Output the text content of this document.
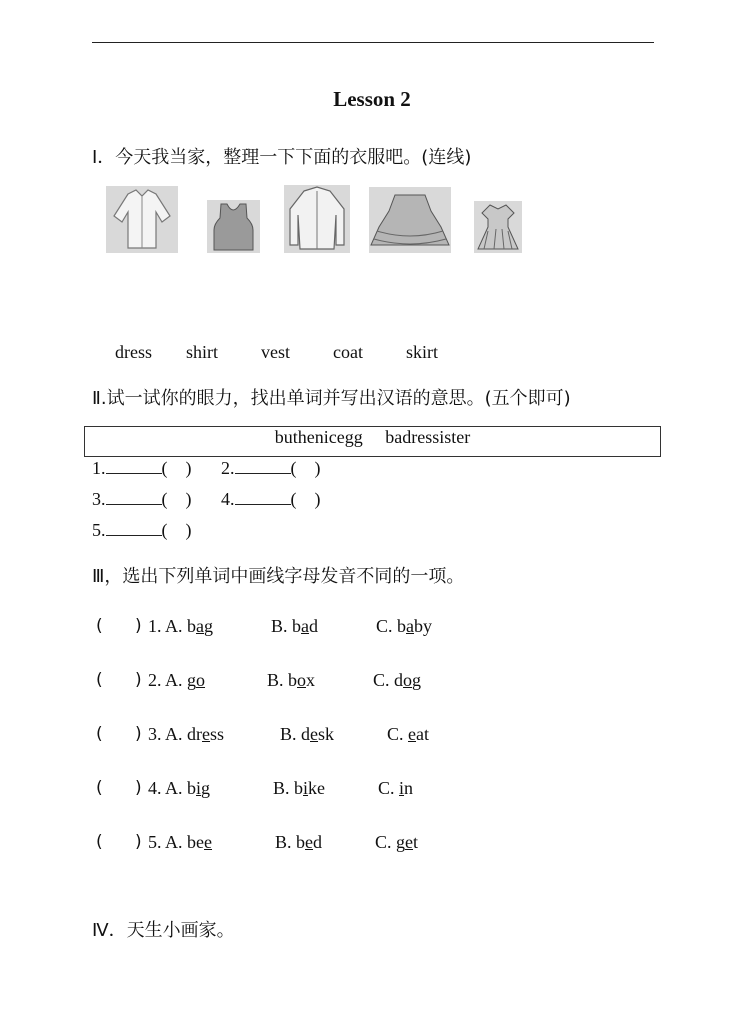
Lesson 2
I．今天我当家，整理一下下面的衣服吧。(连线)
dress shirt vest coat skirt
Ⅱ.试一试你的眼力，找出单词并写出汉语的意思。(五个即可)
buthenicegg     badressister
1.	(    ) 2.	(    )
3.	(    ) 4.	(    )
5.	(    )
Ⅲ，选出下列单词中画线字母发音不同的一项。
(      ) 1. A. bag	B. bad	C. baby
(      ) 2. A. go	B. box	C. dog
(      ) 3. A. dress	B. desk	C. eat
(      ) 4. A. big	B. bike	C. in
(      ) 5. A. bee	B. bed	C. get
Ⅳ．天生小画家。
